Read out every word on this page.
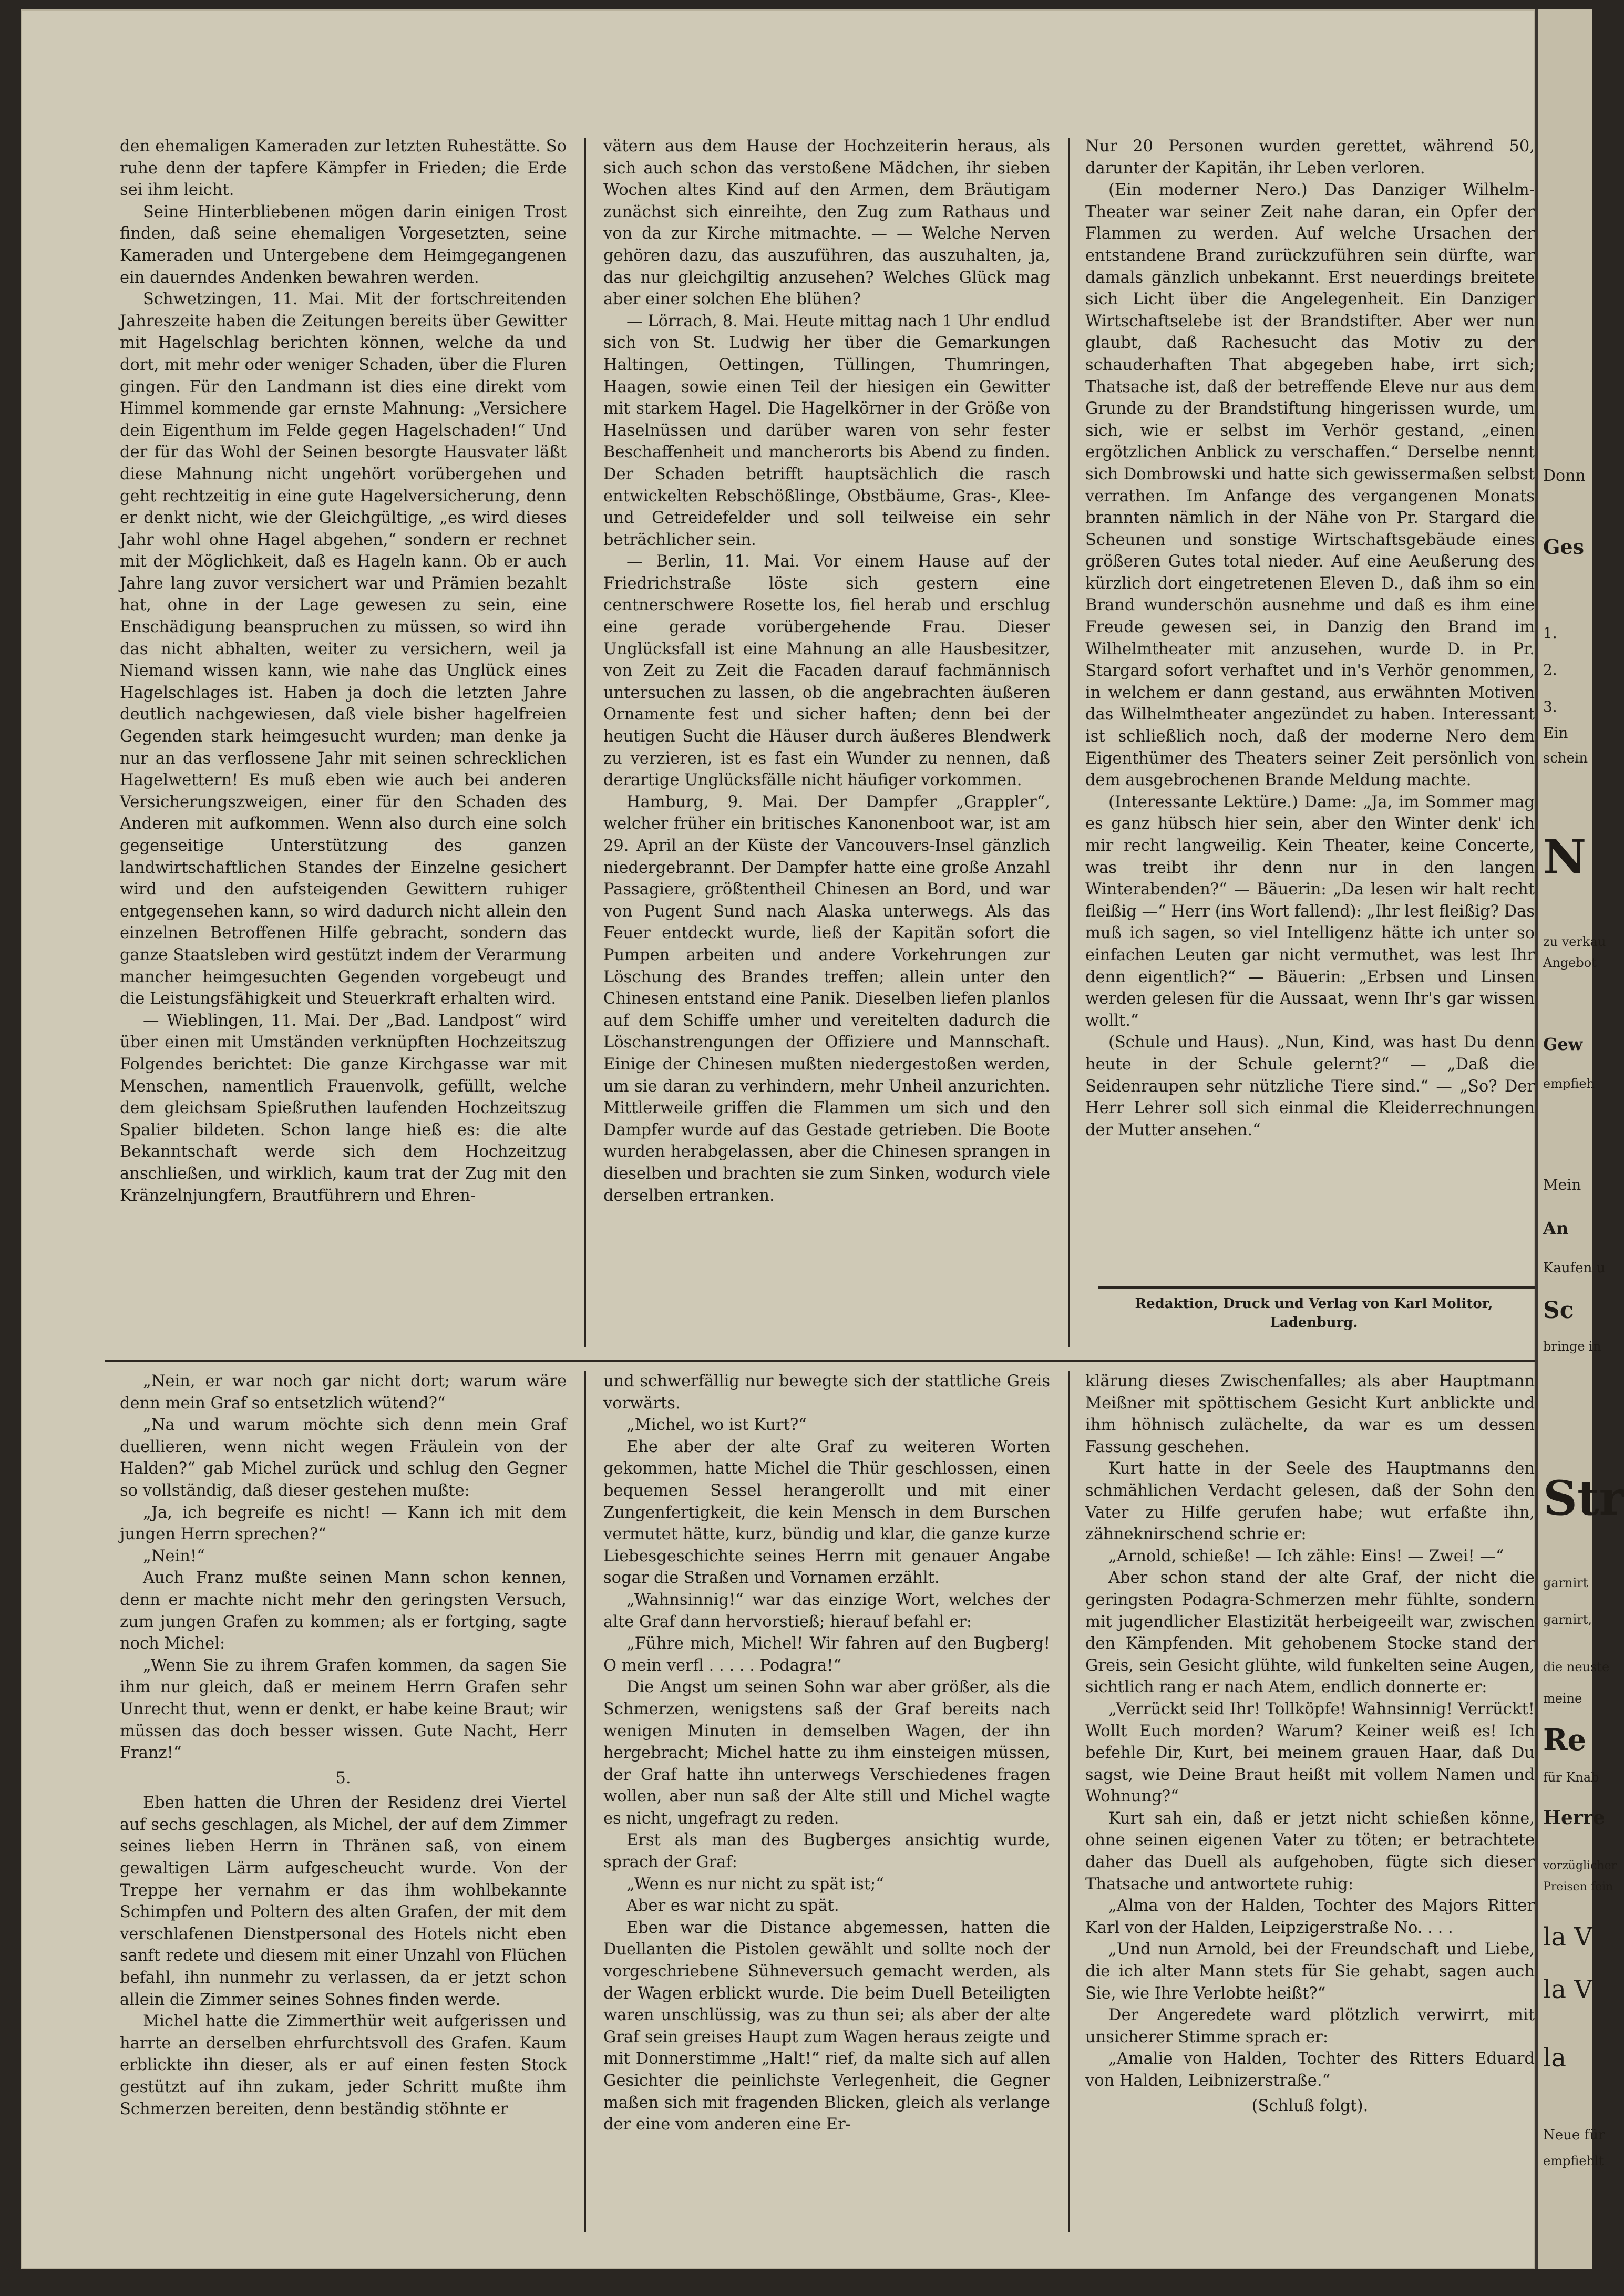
den ehemaligen Kameraden zur letzten Ruhestätte. So ruhe denn der tapfere Kämpfer in Frieden; die Erde sei ihm leicht.

Seine Hinterbliebenen mögen darin einigen Trost finden, daß seine ehemaligen Vorgesetzten, seine Kameraden und Untergebene dem Heimgegangenen ein dauerndes Andenken bewahren werden.

Schwetzingen, 11. Mai. Mit der fortschreitenden Jahreszeite haben die Zeitungen bereits über Gewitter mit Hagelschlag berichten können, welche da und dort, mit mehr oder weniger Schaden, über die Fluren gingen. Für den Landmann ist dies eine direkt vom Himmel kommende gar ernste Mahnung: „Versichere dein Eigenthum im Felde gegen Hagelschaden!“ Und der für das Wohl der Seinen besorgte Hausvater läßt diese Mahnung nicht ungehört vorübergehen und geht rechtzeitig in eine gute Hagelversicherung, denn er denkt nicht, wie der Gleichgültige, „es wird dieses Jahr wohl ohne Hagel abgehen,“ sondern er rechnet mit der Möglichkeit, daß es Hageln kann. Ob er auch Jahre lang zuvor versichert war und Prämien bezahlt hat, ohne in der Lage gewesen zu sein, eine Enschädigung beanspruchen zu müssen, so wird ihn das nicht abhalten, weiter zu versichern, weil ja Niemand wissen kann, wie nahe das Unglück eines Hagelschlages ist. Haben ja doch die letzten Jahre deutlich nachgewiesen, daß viele bisher hagelfreien Gegenden stark heimgesucht wurden; man denke ja nur an das verflossene Jahr mit seinen schrecklichen Hagelwettern! Es muß eben wie auch bei anderen Versicherungszweigen, einer für den Schaden des Anderen mit aufkommen. Wenn also durch eine solch gegenseitige Unterstützung des ganzen landwirtschaftlichen Standes der Einzelne gesichert wird und den aufsteigenden Gewittern ruhiger entgegensehen kann, so wird dadurch nicht allein den einzelnen Betroffenen Hilfe gebracht, sondern das ganze Staatsleben wird gestützt indem der Verarmung mancher heimgesuchten Gegenden vorgebeugt und die Leistungsfähigkeit und Steuerkraft erhalten wird.

— Wieblingen, 11. Mai. Der „Bad. Landpost“ wird über einen mit Umständen verknüpften Hochzeitszug Folgendes berichtet: Die ganze Kirchgasse war mit Menschen, namentlich Frauenvolk, gefüllt, welche dem gleichsam Spießruthen laufenden Hochzeitszug Spalier bildeten. Schon lange hieß es: die alte Bekanntschaft werde sich dem Hochzeitzug anschließen, und wirklich, kaum trat der Zug mit den Kränzelnjungfern, Brautführern und Ehren-

vätern aus dem Hause der Hochzeiterin heraus, als sich auch schon das verstoßene Mädchen, ihr sieben Wochen altes Kind auf den Armen, dem Bräutigam zunächst sich einreihte, den Zug zum Rathaus und von da zur Kirche mitmachte. — — Welche Nerven gehören dazu, das auszuführen, das auszuhalten, ja, das nur gleichgiltig anzusehen? Welches Glück mag aber einer solchen Ehe blühen?

— Lörrach, 8. Mai. Heute mittag nach 1 Uhr endlud sich von St. Ludwig her über die Gemarkungen Haltingen, Oettingen, Tüllingen, Thumringen, Haagen, sowie einen Teil der hiesigen ein Gewitter mit starkem Hagel. Die Hagelkörner in der Größe von Haselnüssen und darüber waren von sehr fester Beschaffenheit und mancherorts bis Abend zu finden. Der Schaden betrifft hauptsächlich die rasch entwickelten Rebschößlinge, Obstbäume, Gras-, Klee- und Getreidefelder und soll teilweise ein sehr beträchlicher sein.

— Berlin, 11. Mai. Vor einem Hause auf der Friedrichstraße löste sich gestern eine centnerschwere Rosette los, fiel herab und erschlug eine gerade vorübergehende Frau. Dieser Unglücksfall ist eine Mahnung an alle Hausbesitzer, von Zeit zu Zeit die Facaden darauf fachmännisch untersuchen zu lassen, ob die angebrachten äußeren Ornamente fest und sicher haften; denn bei der heutigen Sucht die Häuser durch äußeres Blendwerk zu verzieren, ist es fast ein Wunder zu nennen, daß derartige Unglücksfälle nicht häufiger vorkommen.

Hamburg, 9. Mai. Der Dampfer „Grappler“, welcher früher ein britisches Kanonenboot war, ist am 29. April an der Küste der Vancouvers-Insel gänzlich niedergebrannt. Der Dampfer hatte eine große Anzahl Passagiere, größtentheil Chinesen an Bord, und war von Pugent Sund nach Alaska unterwegs. Als das Feuer entdeckt wurde, ließ der Kapitän sofort die Pumpen arbeiten und andere Vorkehrungen zur Löschung des Brandes treffen; allein unter den Chinesen entstand eine Panik. Dieselben liefen planlos auf dem Schiffe umher und vereitelten dadurch die Löschanstrengungen der Offiziere und Mannschaft. Einige der Chinesen mußten niedergestoßen werden, um sie daran zu verhindern, mehr Unheil anzurichten. Mittlerweile griffen die Flammen um sich und den Dampfer wurde auf das Gestade getrieben. Die Boote wurden herabgelassen, aber die Chinesen sprangen in dieselben und brachten sie zum Sinken, wodurch viele derselben ertranken.

Nur 20 Personen wurden gerettet, während 50, darunter der Kapitän, ihr Leben verloren.

(Ein moderner Nero.) Das Danziger Wilhelm-Theater war seiner Zeit nahe daran, ein Opfer der Flammen zu werden. Auf welche Ursachen der entstandene Brand zurückzuführen sein dürfte, war damals gänzlich unbekannt. Erst neuerdings breitete sich Licht über die Angelegenheit. Ein Danziger Wirtschaftselebe ist der Brandstifter. Aber wer nun glaubt, daß Rachesucht das Motiv zu der schauderhaften That abgegeben habe, irrt sich; Thatsache ist, daß der betreffende Eleve nur aus dem Grunde zu der Brandstiftung hingerissen wurde, um sich, wie er selbst im Verhör gestand, „einen ergötzlichen Anblick zu verschaffen.“ Derselbe nennt sich Dombrowski und hatte sich gewissermaßen selbst verrathen. Im Anfange des vergangenen Monats brannten nämlich in der Nähe von Pr. Stargard die Scheunen und sonstige Wirtschaftsgebäude eines größeren Gutes total nieder. Auf eine Aeußerung des kürzlich dort eingetretenen Eleven D., daß ihm so ein Brand wunderschön ausnehme und daß es ihm eine Freude gewesen sei, in Danzig den Brand im Wilhelmtheater mit anzusehen, wurde D. in Pr. Stargard sofort verhaftet und in's Verhör genommen, in welchem er dann gestand, aus erwähnten Motiven das Wilhelmtheater angezündet zu haben. Interessant ist schließlich noch, daß der moderne Nero dem Eigenthümer des Theaters seiner Zeit persönlich von dem ausgebrochenen Brande Meldung machte.

(Interessante Lektüre.) Dame: „Ja, im Sommer mag es ganz hübsch hier sein, aber den Winter denk' ich mir recht langweilig. Kein Theater, keine Concerte, was treibt ihr denn nur in den langen Winterabenden?“ — Bäuerin: „Da lesen wir halt recht fleißig —“ Herr (ins Wort fallend): „Ihr lest fleißig? Das muß ich sagen, so viel Intelligenz hätte ich unter so einfachen Leuten gar nicht vermuthet, was lest Ihr denn eigentlich?“ — Bäuerin: „Erbsen und Linsen werden gelesen für die Aussaat, wenn Ihr's gar wissen wollt.“

(Schule und Haus). „Nun, Kind, was hast Du denn heute in der Schule gelernt?“ — „Daß die Seidenraupen sehr nützliche Tiere sind.“ — „So? Der Herr Lehrer soll sich einmal die Kleiderrechnungen der Mutter ansehen.“

Redaktion, Druck und Verlag von Karl Molitor,
Ladenburg.

„Nein, er war noch gar nicht dort; warum wäre denn mein Graf so entsetzlich wütend?“

„Na und warum möchte sich denn mein Graf duellieren, wenn nicht wegen Fräulein von der Halden?“ gab Michel zurück und schlug den Gegner so vollständig, daß dieser gestehen mußte:

„Ja, ich begreife es nicht! — Kann ich mit dem jungen Herrn sprechen?“

„Nein!“

Auch Franz mußte seinen Mann schon kennen, denn er machte nicht mehr den geringsten Versuch, zum jungen Grafen zu kommen; als er fortging, sagte noch Michel:

„Wenn Sie zu ihrem Grafen kommen, da sagen Sie ihm nur gleich, daß er meinem Herrn Grafen sehr Unrecht thut, wenn er denkt, er habe keine Braut; wir müssen das doch besser wissen. Gute Nacht, Herr Franz!“

5.

Eben hatten die Uhren der Residenz drei Viertel auf sechs geschlagen, als Michel, der auf dem Zimmer seines lieben Herrn in Thränen saß, von einem gewaltigen Lärm aufgescheucht wurde. Von der Treppe her vernahm er das ihm wohlbekannte Schimpfen und Poltern des alten Grafen, der mit dem verschlafenen Dienstpersonal des Hotels nicht eben sanft redete und diesem mit einer Unzahl von Flüchen befahl, ihn nunmehr zu verlassen, da er jetzt schon allein die Zimmer seines Sohnes finden werde.

Michel hatte die Zimmerthür weit aufgerissen und harrte an derselben ehrfurchtsvoll des Grafen. Kaum erblickte ihn dieser, als er auf einen festen Stock gestützt auf ihn zukam, jeder Schritt mußte ihm Schmerzen bereiten, denn beständig stöhnte er

und schwerfällig nur bewegte sich der stattliche Greis vorwärts.

„Michel, wo ist Kurt?“

Ehe aber der alte Graf zu weiteren Worten gekommen, hatte Michel die Thür geschlossen, einen bequemen Sessel herangerollt und mit einer Zungenfertigkeit, die kein Mensch in dem Burschen vermutet hätte, kurz, bündig und klar, die ganze kurze Liebesgeschichte seines Herrn mit genauer Angabe sogar die Straßen und Vornamen erzählt.

„Wahnsinnig!“ war das einzige Wort, welches der alte Graf dann hervorstieß; hierauf befahl er:

„Führe mich, Michel! Wir fahren auf den Bugberg! O mein verfl . . . . . Podagra!“

Die Angst um seinen Sohn war aber größer, als die Schmerzen, wenigstens saß der Graf bereits nach wenigen Minuten in demselben Wagen, der ihn hergebracht; Michel hatte zu ihm einsteigen müssen, der Graf hatte ihn unterwegs Verschiedenes fragen wollen, aber nun saß der Alte still und Michel wagte es nicht, ungefragt zu reden.

Erst als man des Bugberges ansichtig wurde, sprach der Graf:

„Wenn es nur nicht zu spät ist;“

Aber es war nicht zu spät.

Eben war die Distance abgemessen, hatten die Duellanten die Pistolen gewählt und sollte noch der vorgeschriebene Sühneversuch gemacht werden, als der Wagen erblickt wurde. Die beim Duell Beteiligten waren unschlüssig, was zu thun sei; als aber der alte Graf sein greises Haupt zum Wagen heraus zeigte und mit Donnerstimme „Halt!“ rief, da malte sich auf allen Gesichter die peinlichste Verlegenheit, die Gegner maßen sich mit fragenden Blicken, gleich als verlange der eine vom anderen eine Er-

klärung dieses Zwischenfalles; als aber Hauptmann Meißner mit spöttischem Gesicht Kurt anblickte und ihm höhnisch zulächelte, da war es um dessen Fassung geschehen.

Kurt hatte in der Seele des Hauptmanns den schmählichen Verdacht gelesen, daß der Sohn den Vater zu Hilfe gerufen habe; wut erfaßte ihn, zähneknirschend schrie er:

„Arnold, schieße! — Ich zähle: Eins! — Zwei! —“

Aber schon stand der alte Graf, der nicht die geringsten Podagra-Schmerzen mehr fühlte, sondern mit jugendlicher Elastizität herbeigeeilt war, zwischen den Kämpfenden. Mit gehobenem Stocke stand der Greis, sein Gesicht glühte, wild funkelten seine Augen, sichtlich rang er nach Atem, endlich donnerte er:

„Verrückt seid Ihr! Tollköpfe! Wahnsinnig! Verrückt! Wollt Euch morden? Warum? Keiner weiß es! Ich befehle Dir, Kurt, bei meinem grauen Haar, daß Du sagst, wie Deine Braut heißt mit vollem Namen und Wohnung?“

Kurt sah ein, daß er jetzt nicht schießen könne, ohne seinen eigenen Vater zu töten; er betrachtete daher das Duell als aufgehoben, fügte sich dieser Thatsache und antwortete ruhig:

„Alma von der Halden, Tochter des Majors Ritter Karl von der Halden, Leipzigerstraße No. . . .

„Und nun Arnold, bei der Freundschaft und Liebe, die ich alter Mann stets für Sie gehabt, sagen auch Sie, wie Ihre Verlobte heißt?“

Der Angeredete ward plötzlich verwirrt, mit unsicherer Stimme sprach er:

„Amalie von Halden, Tochter des Ritters Eduard von Halden, Leibnizerstraße.“

(Schluß folgt).

Donn
Ges
1.
2.
3.
Ein
schein
N
zu verkau
Angebot
Gew
empfieh
Mein
An
Kaufen u
Sc
bringe in
Str
garnirt
garnirt,
die neuste
meine
Re
für Knab
Herre
vorzüglicher
Preisen fein
la V
la V
la
Neue für
empfiehlt
